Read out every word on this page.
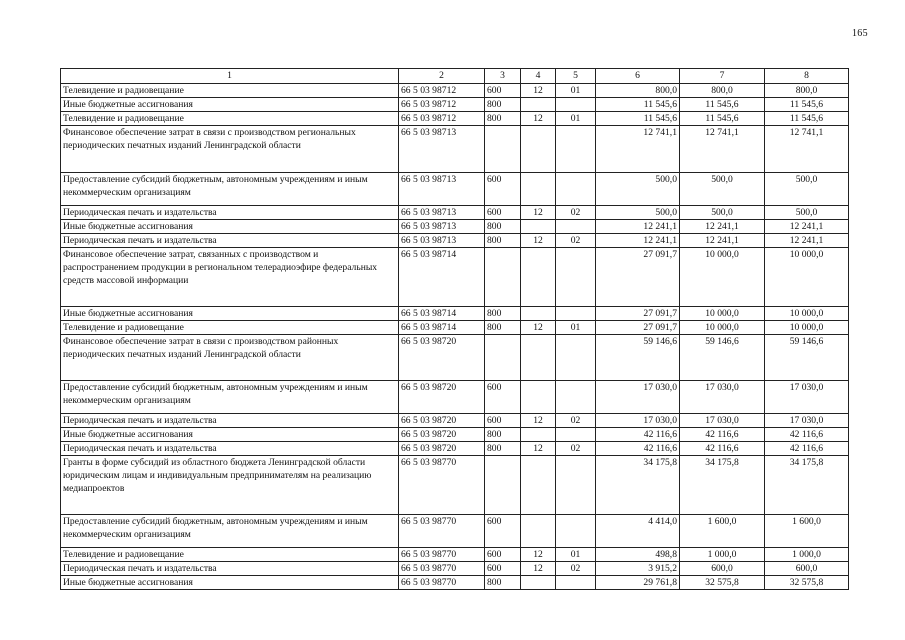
165
1	2	3	4	5	6	7	8
Телевидение и радиовещание	66 5 03 98712	600	12	01	800,0	800,0	800,0
Иные бюджетные ассигнования	66 5 03 98712	800			11 545,6	11 545,6	11 545,6
Телевидение и радиовещание	66 5 03 98712	800	12	01	11 545,6	11 545,6	11 545,6
Финансовое обеспечение затрат в связи с производством региональных периодических печатных изданий Ленинградской области	66 5 03 98713				12 741,1	12 741,1	12 741,1
Предоставление субсидий бюджетным, автономным учреждениям и иным некоммерческим организациям	66 5 03 98713	600			500,0	500,0	500,0
Периодическая печать и издательства	66 5 03 98713	600	12	02	500,0	500,0	500,0
Иные бюджетные ассигнования	66 5 03 98713	800			12 241,1	12 241,1	12 241,1
Периодическая печать и издательства	66 5 03 98713	800	12	02	12 241,1	12 241,1	12 241,1
Финансовое обеспечение затрат, связанных с производством и распространением продукции в региональном телерадиоэфире федеральных средств массовой информации	66 5 03 98714				27 091,7	10 000,0	10 000,0
Иные бюджетные ассигнования	66 5 03 98714	800			27 091,7	10 000,0	10 000,0
Телевидение и радиовещание	66 5 03 98714	800	12	01	27 091,7	10 000,0	10 000,0
Финансовое обеспечение затрат в связи с производством районных периодических печатных изданий Ленинградской области	66 5 03 98720				59 146,6	59 146,6	59 146,6
Предоставление субсидий бюджетным, автономным учреждениям и иным некоммерческим организациям	66 5 03 98720	600			17 030,0	17 030,0	17 030,0
Периодическая печать и издательства	66 5 03 98720	600	12	02	17 030,0	17 030,0	17 030,0
Иные бюджетные ассигнования	66 5 03 98720	800			42 116,6	42 116,6	42 116,6
Периодическая печать и издательства	66 5 03 98720	800	12	02	42 116,6	42 116,6	42 116,6
Гранты в форме субсидий из областного бюджета Ленинградской области юридическим лицам и индивидуальным предпринимателям на реализацию медиапроектов	66 5 03 98770				34 175,8	34 175,8	34 175,8
Предоставление субсидий бюджетным, автономным учреждениям и иным некоммерческим организациям	66 5 03 98770	600			4 414,0	1 600,0	1 600,0
Телевидение и радиовещание	66 5 03 98770	600	12	01	498,8	1 000,0	1 000,0
Периодическая печать и издательства	66 5 03 98770	600	12	02	3 915,2	600,0	600,0
Иные бюджетные ассигнования	66 5 03 98770	800			29 761,8	32 575,8	32 575,8
